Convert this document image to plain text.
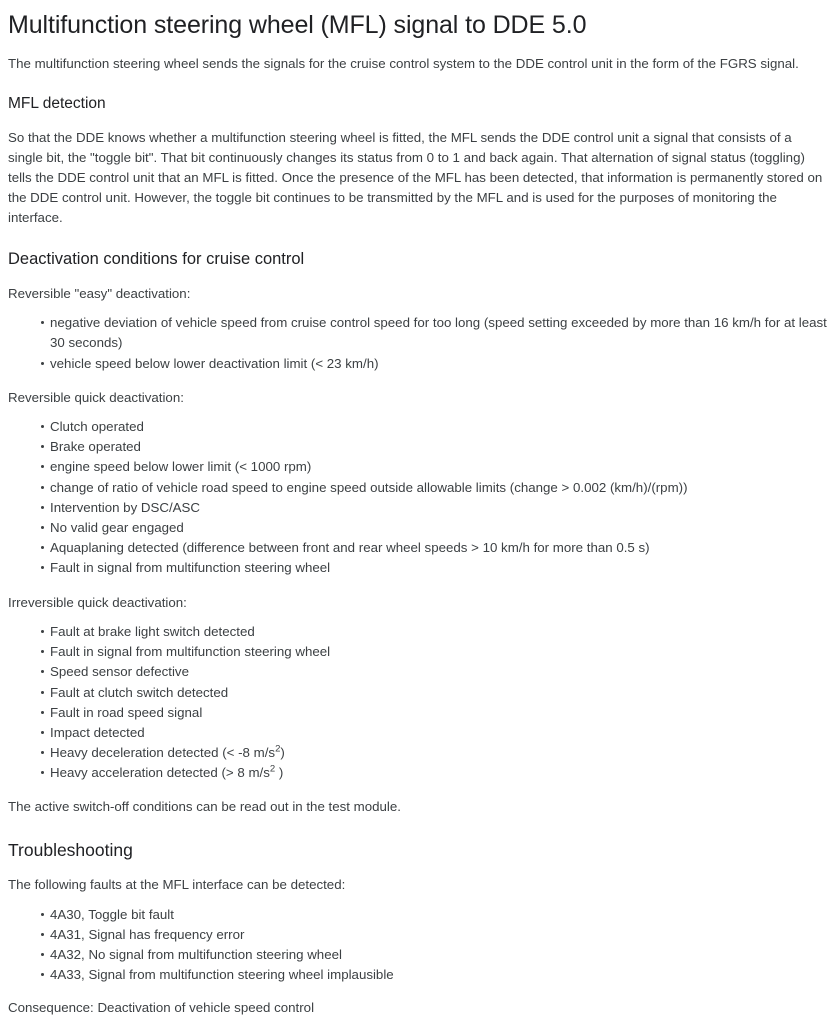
Multifunction steering wheel (MFL) signal to DDE 5.0

The multifunction steering wheel sends the signals for the cruise control system to the DDE control unit in the form of the FGRS signal.

MFL detection

So that the DDE knows whether a multifunction steering wheel is fitted, the MFL sends the DDE control unit a signal that consists of a single bit, the "toggle bit". That bit continuously changes its status from 0 to 1 and back again. That alternation of signal status (toggling) tells the DDE control unit that an MFL is fitted. Once the presence of the MFL has been detected, that information is permanently stored on the DDE control unit. However, the toggle bit continues to be transmitted by the MFL and is used for the purposes of monitoring the interface.

Deactivation conditions for cruise control

Reversible "easy" deactivation:

negative deviation of vehicle speed from cruise control speed for too long (speed setting exceeded by more than 16 km/h for at least 30 seconds)
vehicle speed below lower deactivation limit (< 23 km/h)

Reversible quick deactivation:

Clutch operated
Brake operated
engine speed below lower limit (< 1000 rpm)
change of ratio of vehicle road speed to engine speed outside allowable limits (change > 0.002 (km/h)/(rpm))
Intervention by DSC/ASC
No valid gear engaged
Aquaplaning detected (difference between front and rear wheel speeds > 10 km/h for more than 0.5 s)
Fault in signal from multifunction steering wheel

Irreversible quick deactivation:

Fault at brake light switch detected
Fault in signal from multifunction steering wheel
Speed sensor defective
Fault at clutch switch detected
Fault in road speed signal
Impact detected
Heavy deceleration detected (< -8 $m/s^2$)
Heavy acceleration detected (> 8 $m/s^2$ )

The active switch-off conditions can be read out in the test module.

Troubleshooting

The following faults at the MFL interface can be detected:

4A30, Toggle bit fault
4A31, Signal has frequency error
4A32, No signal from multifunction steering wheel
4A33, Signal from multifunction steering wheel implausible

Consequence: Deactivation of vehicle speed control
